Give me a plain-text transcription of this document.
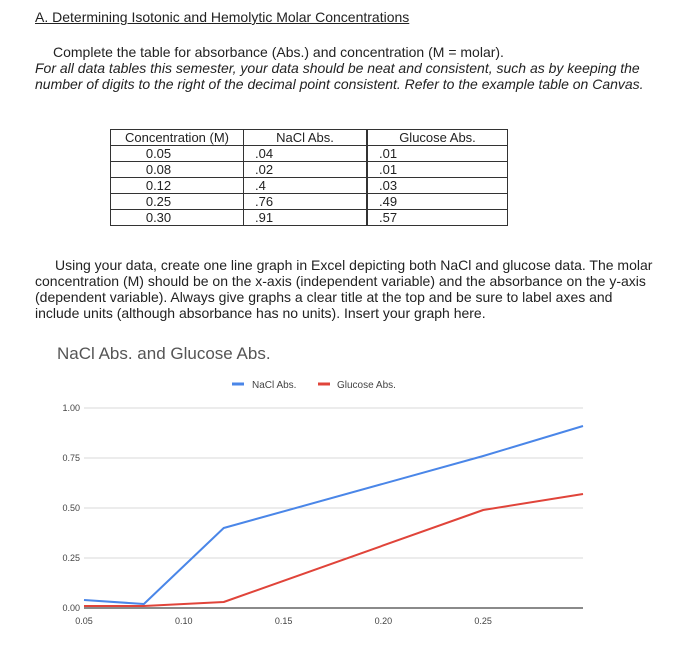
A. Determining Isotonic and Hemolytic Molar Concentrations
Complete the table for absorbance (Abs.) and concentration (M = molar).
For all data tables this semester, your data should be neat and consistent, such as by keeping the number of digits to the right of the decimal point consistent. Refer to the example table on Canvas.
Concentration (M)	NaCl Abs.	Glucose Abs.
0.05	.04	.01
0.08	.02	.01
0.12	.4	.03
0.25	.76	.49
0.30	.91	.57
Using your data, create one line graph in Excel depicting both NaCl and glucose data. The molar concentration (M) should be on the x-axis (independent variable) and the absorbance on the y-axis (dependent variable). Always give graphs a clear title at the top and be sure to label axes and include units (although absorbance has no units). Insert your graph here.
NaCl Abs. and Glucose Abs.
0.00
0.25
0.50
0.75
1.00
0.05	0.10	0.15	0.20	0.25
NaCl Abs.	Glucose Abs.
